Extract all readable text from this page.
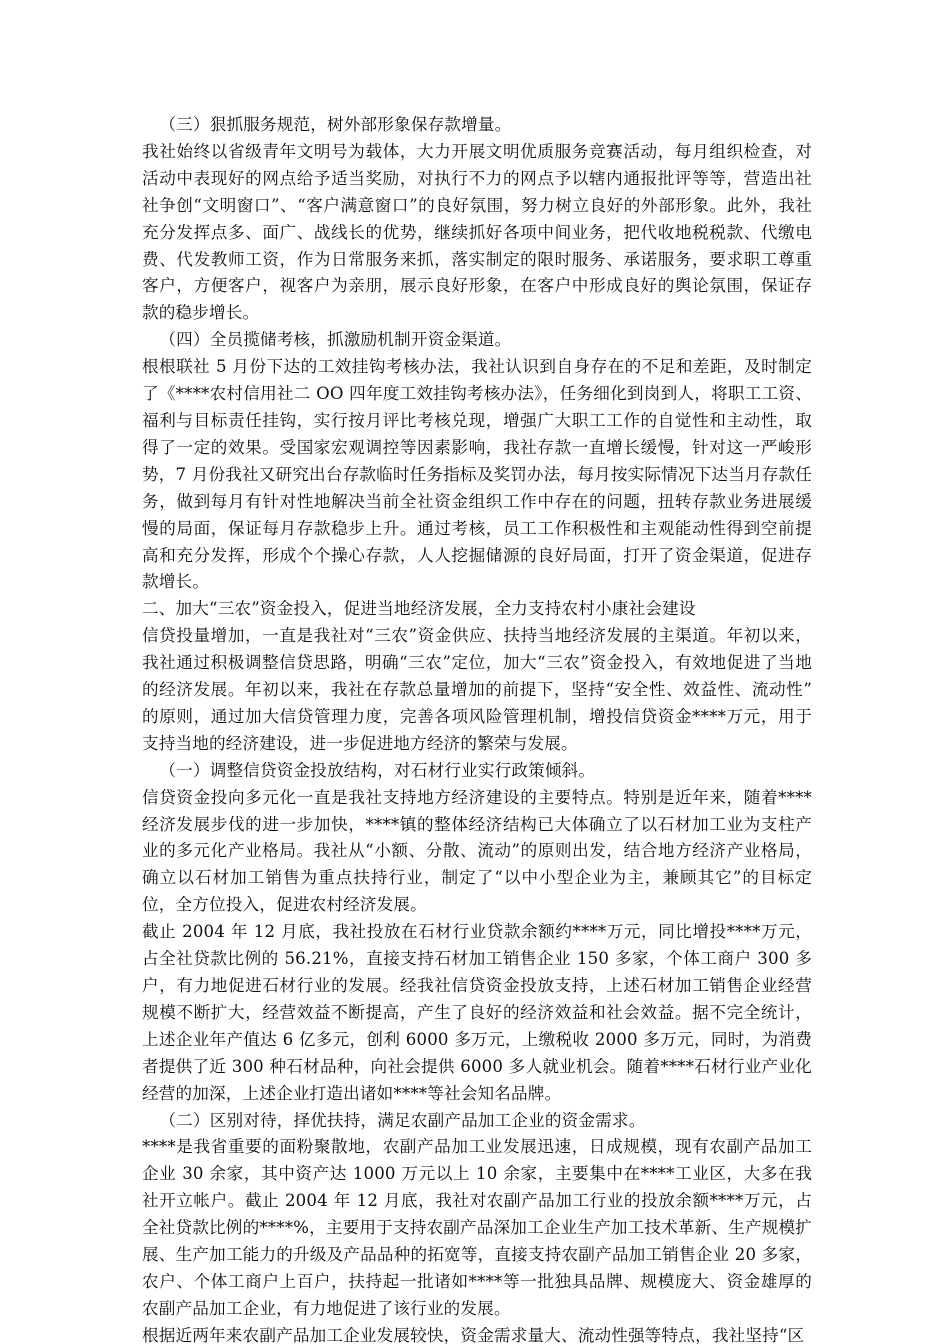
（三）狠抓服务规范，树外部形象保存款增量。

我社始终以省级青年文明号为载体，大力开展文明优质服务竞赛活动，每月组织检查，对活动中表现好的网点给予适当奖励，对执行不力的网点予以辖内通报批评等等，营造出社社争创“文明窗口”、“客户满意窗口”的良好氛围，努力树立良好的外部形象。此外，我社充分发挥点多、面广、战线长的优势，继续抓好各项中间业务，把代收地税税款、代缴电费、代发教师工资，作为日常服务来抓，落实制定的限时服务、承诺服务，要求职工尊重客户，方便客户，视客户为亲朋，展示良好形象，在客户中形成良好的舆论氛围，保证存款的稳步增长。

（四）全员揽储考核，抓激励机制开资金渠道。

根根联社 5 月份下达的工效挂钩考核办法，我社认识到自身存在的不足和差距，及时制定了《****农村信用社二 OO 四年度工效挂钩考核办法》，任务细化到岗到人，将职工工资、福利与目标责任挂钩，实行按月评比考核兑现，增强广大职工工作的自觉性和主动性，取得了一定的效果。受国家宏观调控等因素影响，我社存款一直增长缓慢，针对这一严峻形势，7 月份我社又研究出台存款临时任务指标及奖罚办法，每月按实际情况下达当月存款任务，做到每月有针对性地解决当前全社资金组织工作中存在的问题，扭转存款业务进展缓慢的局面，保证每月存款稳步上升。通过考核，员工工作积极性和主观能动性得到空前提高和充分发挥，形成个个操心存款，人人挖掘储源的良好局面，打开了资金渠道，促进存款增长。

二、加大“三农”资金投入，促进当地经济发展，全力支持农村小康社会建设

信贷投量增加，一直是我社对“三农”资金供应、扶持当地经济发展的主渠道。年初以来，我社通过积极调整信贷思路，明确“三农”定位，加大“三农”资金投入，有效地促进了当地的经济发展。年初以来，我社在存款总量增加的前提下，坚持“安全性、效益性、流动性”的原则，通过加大信贷管理力度，完善各项风险管理机制，增投信贷资金****万元，用于支持当地的经济建设，进一步促进地方经济的繁荣与发展。

（一）调整信贷资金投放结构，对石材行业实行政策倾斜。

信贷资金投向多元化一直是我社支持地方经济建设的主要特点。特别是近年来，随着****经济发展步伐的进一步加快，****镇的整体经济结构已大体确立了以石材加工业为支柱产业的多元化产业格局。我社从“小额、分散、流动”的原则出发，结合地方经济产业格局，确立以石材加工销售为重点扶持行业，制定了“以中小型企业为主，兼顾其它”的目标定位，全方位投入，促进农村经济发展。

截止 2004 年 12 月底，我社投放在石材行业贷款余额约****万元，同比增投****万元，占全社贷款比例的 56.21%，直接支持石材加工销售企业 150 多家，个体工商户 300 多户，有力地促进石材行业的发展。经我社信贷资金投放支持，上述石材加工销售企业经营规模不断扩大，经营效益不断提高，产生了良好的经济效益和社会效益。据不完全统计，上述企业年产值达 6 亿多元，创利 6000 多万元，上缴税收 2000 多万元，同时，为消费者提供了近 300 种石材品种，向社会提供 6000 多人就业机会。随着****石材行业产业化经营的加深，上述企业打造出诸如****等社会知名品牌。

（二）区别对待，择优扶持，满足农副产品加工企业的资金需求。

****是我省重要的面粉聚散地，农副产品加工业发展迅速，日成规模，现有农副产品加工企业 30 余家，其中资产达 1000 万元以上 10 余家，主要集中在****工业区，大多在我社开立帐户。截止 2004 年 12 月底，我社对农副产品加工行业的投放余额****万元，占全社贷款比例的****%，主要用于支持农副产品深加工企业生产加工技术革新、生产规模扩展、生产加工能力的升级及产品品种的拓宽等，直接支持农副产品加工销售企业 20 多家，农户、个体工商户上百户，扶持起一批诸如****等一批独具品牌、规模庞大、资金雄厚的农副产品加工企业，有力地促进了该行业的发展。

根据近两年来农副产品加工企业发展较快，资金需求量大、流动性强等特点，我社坚持“区
